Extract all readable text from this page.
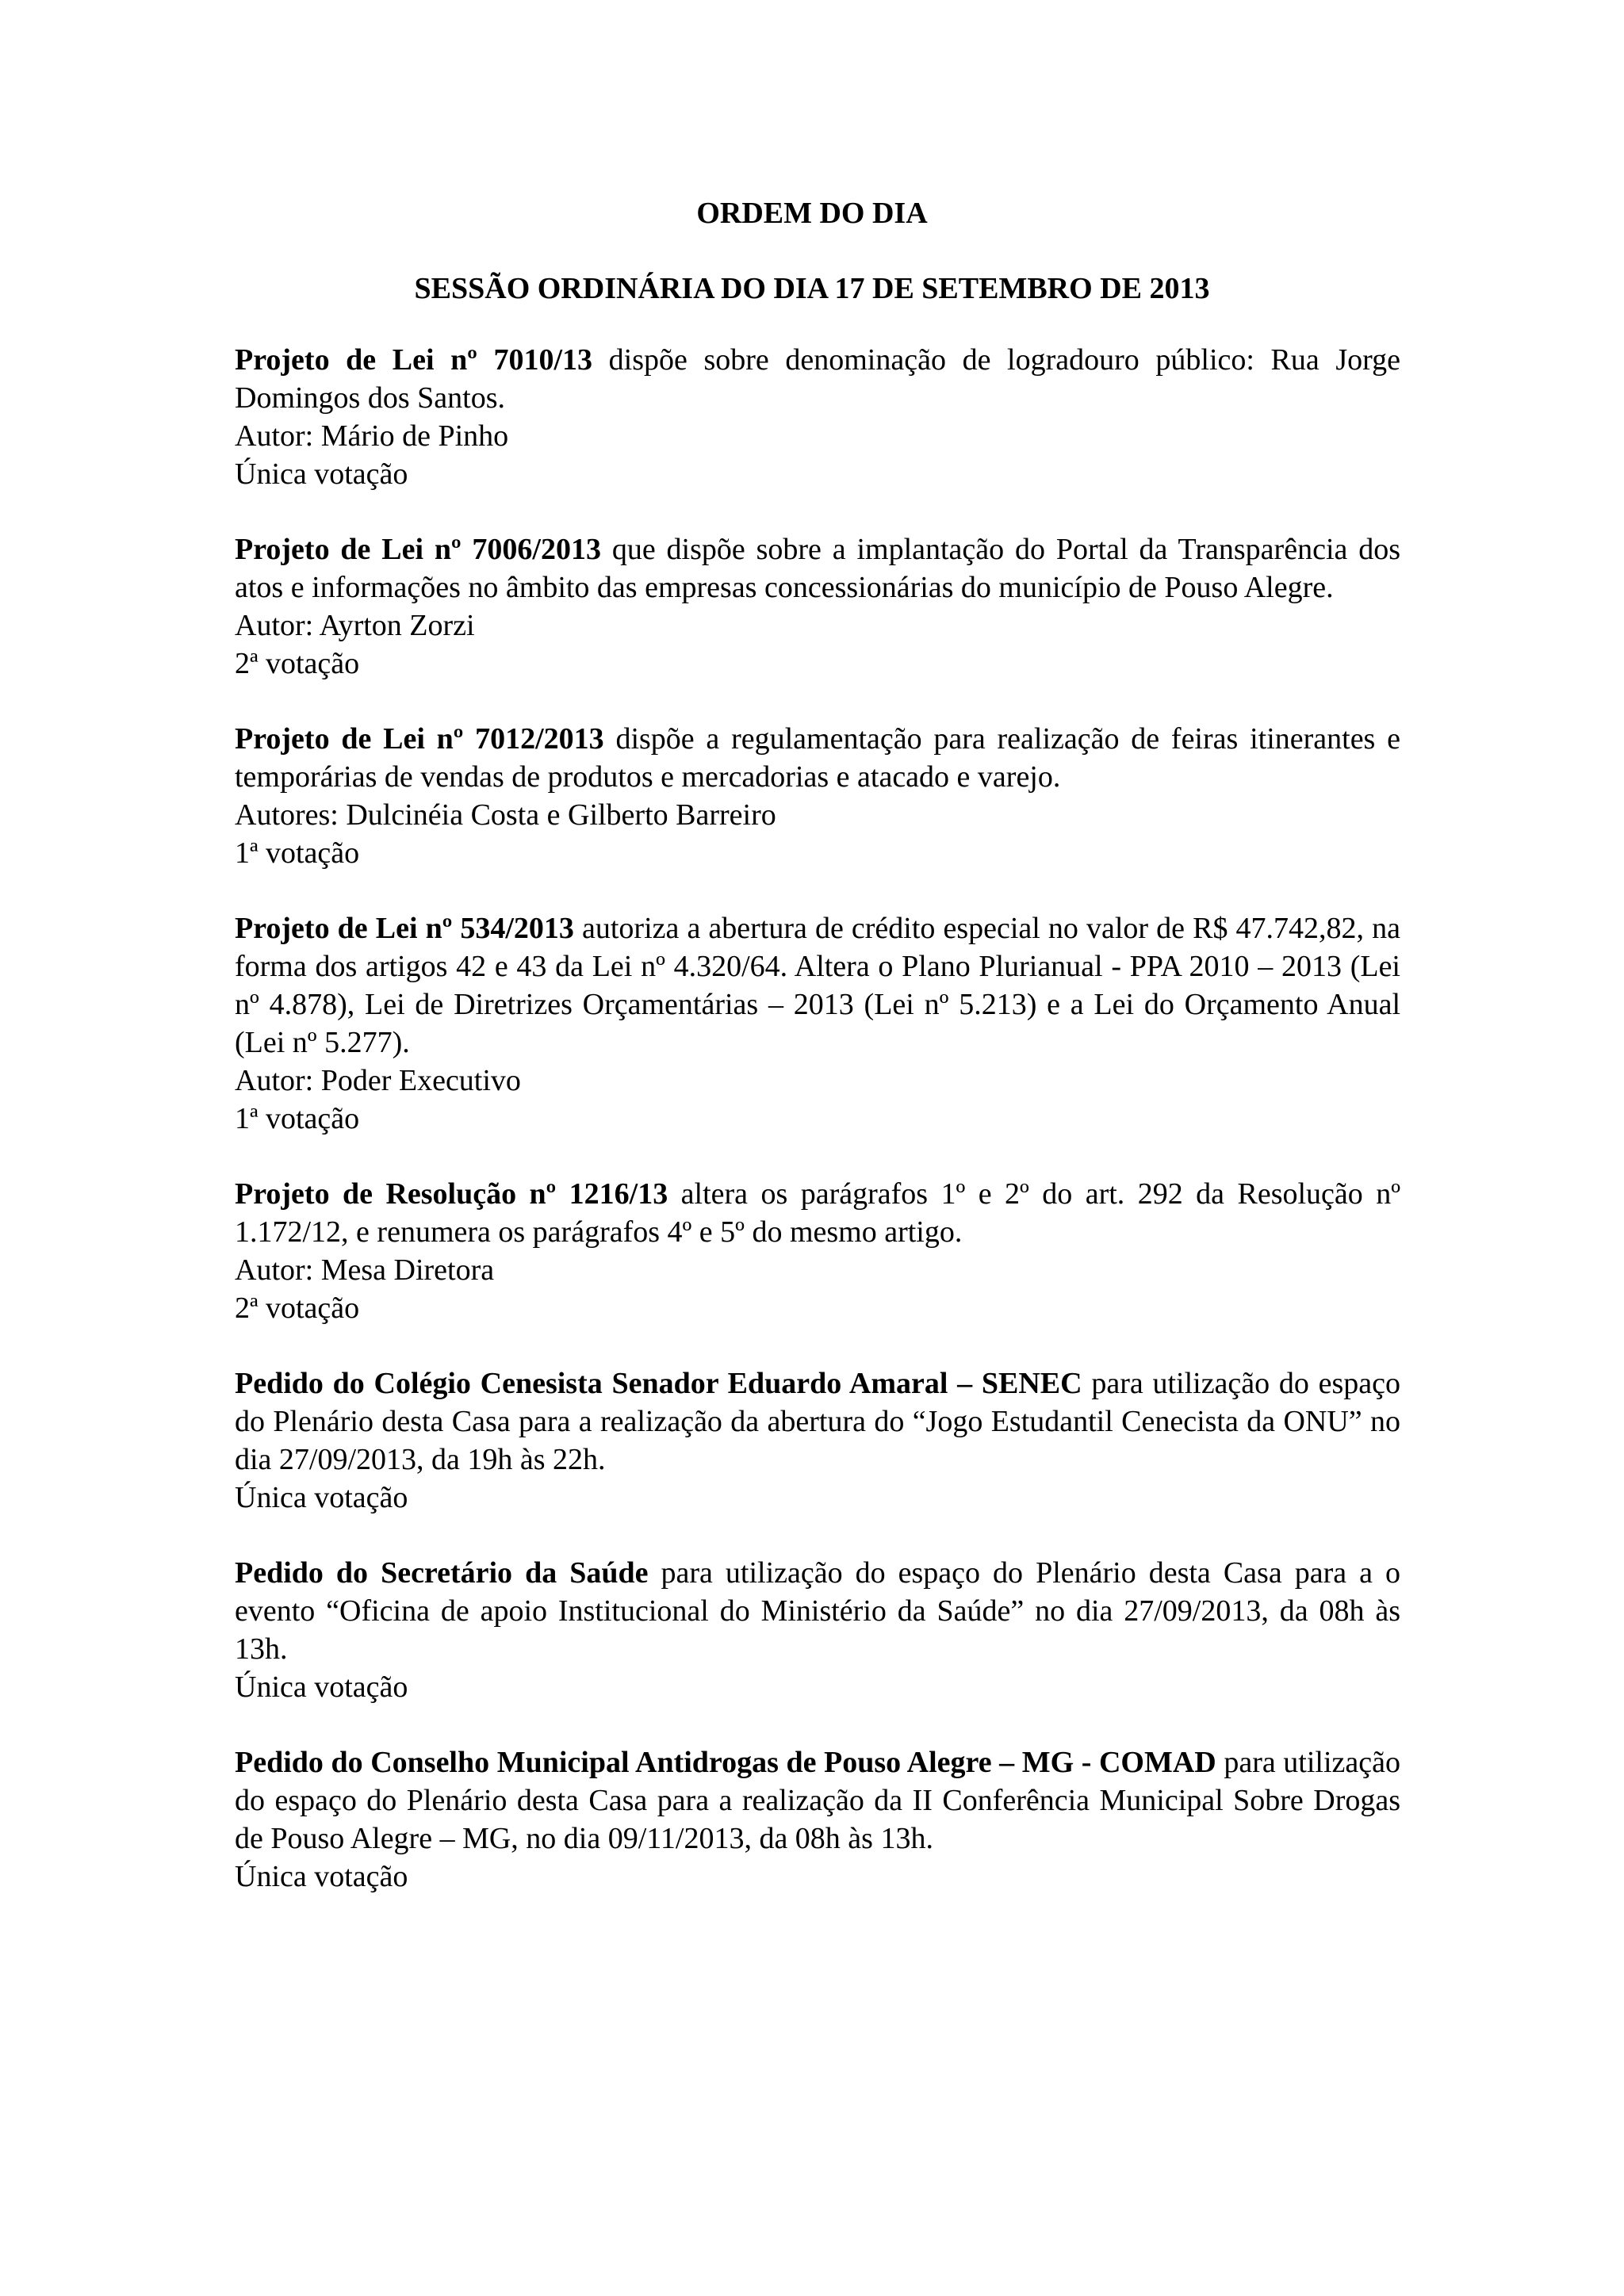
ORDEM DO DIA
SESSÃO ORDINÁRIA DO DIA 17 DE SETEMBRO DE 2013

Projeto de Lei nº 7010/13 dispõe sobre denominação de logradouro público: Rua Jorge Domingos dos Santos.

Autor: Mário de Pinho

Única votação

Projeto de Lei nº 7006/2013 que dispõe sobre a implantação do Portal da Transparência dos atos e informações no âmbito das empresas concessionárias do município de Pouso Alegre.

Autor: Ayrton Zorzi

2ª votação

Projeto de Lei nº 7012/2013 dispõe a regulamentação para realização de feiras itinerantes e temporárias de vendas de produtos e mercadorias e atacado e varejo.

Autores: Dulcinéia Costa e Gilberto Barreiro

1ª votação

Projeto de Lei nº 534/2013 autoriza a abertura de crédito especial no valor de R$ 47.742,82, na forma dos artigos 42 e 43 da Lei nº 4.320/64. Altera o Plano Plurianual - PPA 2010 – 2013 (Lei nº 4.878), Lei de Diretrizes Orçamentárias – 2013 (Lei nº 5.213) e a Lei do Orçamento Anual (Lei nº 5.277).

Autor: Poder Executivo

1ª votação

Projeto de Resolução nº 1216/13 altera os parágrafos 1º e 2º do art. 292 da Resolução nº 1.172/12, e renumera os parágrafos 4º e 5º do mesmo artigo.

Autor: Mesa Diretora

2ª votação

Pedido do Colégio Cenesista Senador Eduardo Amaral – SENEC para utilização do espaço do Plenário desta Casa para a realização da abertura do “Jogo Estudantil Cenecista da ONU” no dia 27/09/2013, da 19h às 22h.

Única votação

Pedido do Secretário da Saúde para utilização do espaço do Plenário desta Casa para a o evento “Oficina de apoio Institucional do Ministério da Saúde” no dia 27/09/2013, da 08h às 13h.

Única votação

Pedido do Conselho Municipal Antidrogas de Pouso Alegre – MG - COMAD para utilização do espaço do Plenário desta Casa para a realização da II Conferência Municipal Sobre Drogas de Pouso Alegre – MG, no dia 09/11/2013, da 08h às 13h.

Única votação
